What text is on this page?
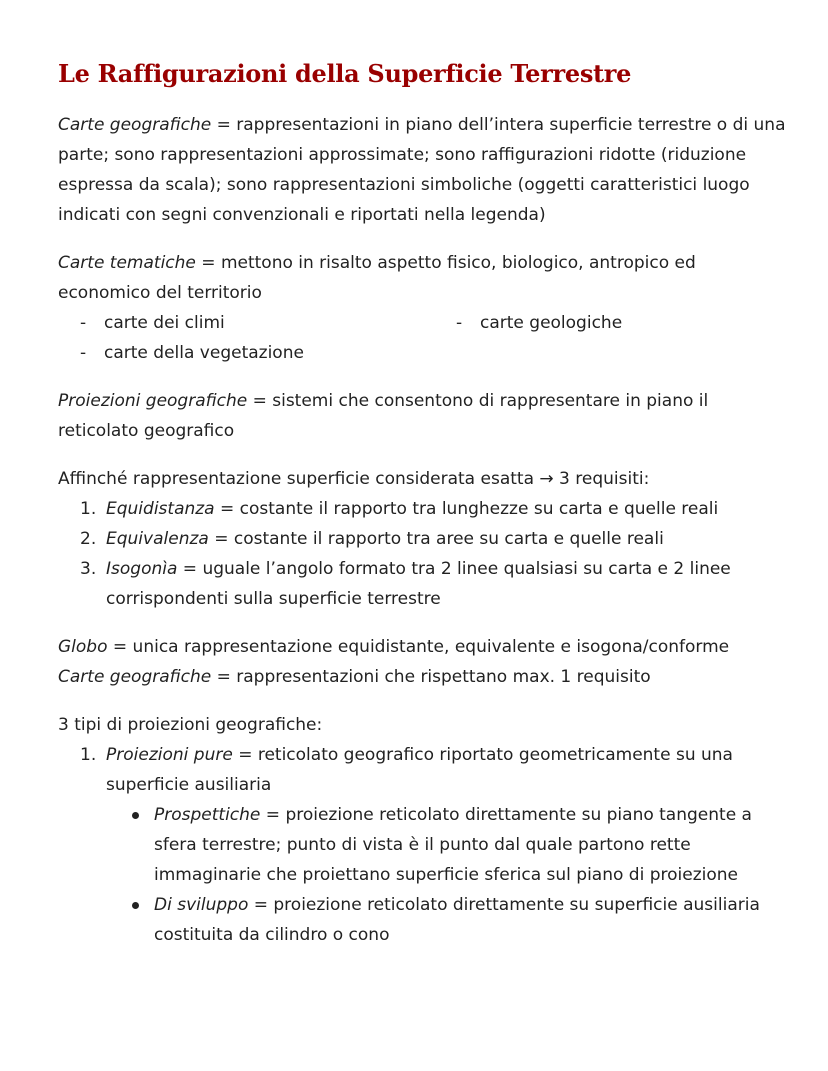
Le Raffigurazioni della Superficie Terrestre

Carte geografiche = rappresentazioni in piano dell’intera superficie terrestre o di una parte; sono rappresentazioni approssimate; sono raffigurazioni ridotte (riduzione espressa da scala); sono rappresentazioni simboliche (oggetti caratteristici luogo indicati con segni convenzionali e riportati nella legenda)

Carte tematiche = mettono in risalto aspetto fisico, biologico, antropico ed economico del territorio

- carte dei climi
- carte della vegetazione
- carte geologiche

Proiezioni geografiche = sistemi che consentono di rappresentare in piano il reticolato geografico

Affinché rappresentazione superficie considerata esatta → 3 requisiti:

1. Equidistanza = costante il rapporto tra lunghezze su carta e quelle reali
2. Equivalenza = costante il rapporto tra aree su carta e quelle reali
3. Isogonìa = uguale l’angolo formato tra 2 linee qualsiasi su carta e 2 linee corrispondenti sulla superficie terrestre

Globo = unica rappresentazione equidistante, equivalente e isogona/conforme

Carte geografiche = rappresentazioni che rispettano max. 1 requisito

3 tipi di proiezioni geografiche:

1. Proiezioni pure = reticolato geografico riportato geometricamente su una superficie ausiliaria
Prospettiche = proiezione reticolato direttamente su piano tangente a sfera terrestre; punto di vista è il punto dal quale partono rette immaginarie che proiettano superficie sferica sul piano di proiezione
Di sviluppo = proiezione reticolato direttamente su superficie ausiliaria costituita da cilindro o cono
